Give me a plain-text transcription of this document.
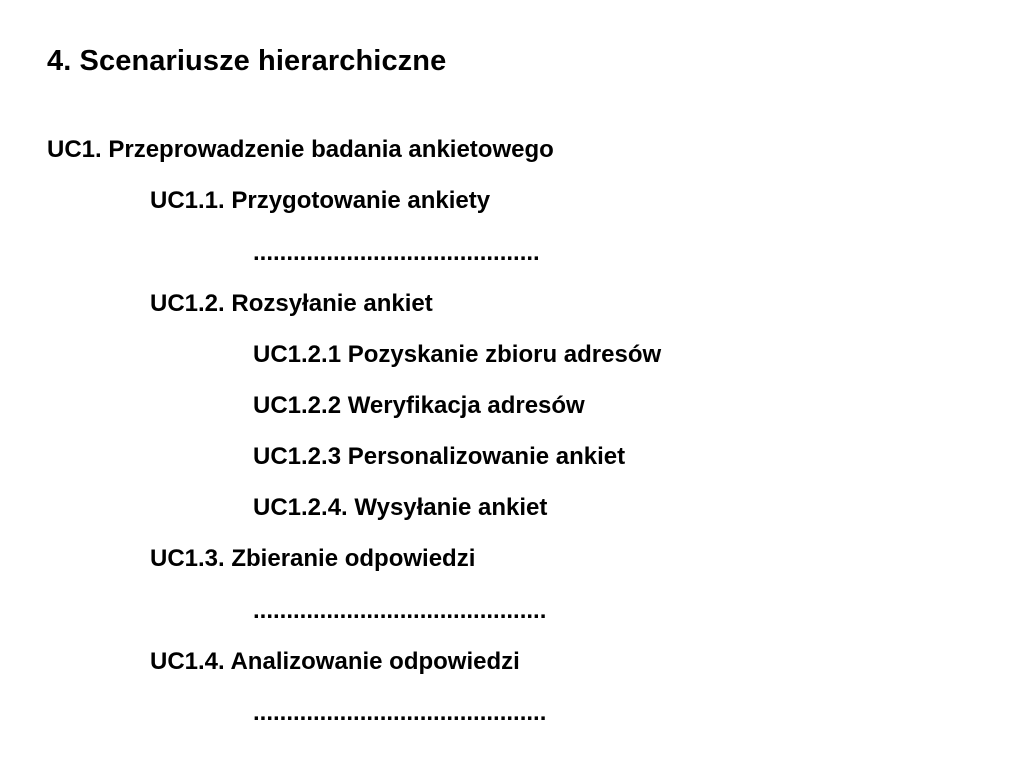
4. Scenariusze hierarchiczne
UC1. Przeprowadzenie badania ankietowego
UC1.1. Przygotowanie ankiety
...........................................
UC1.2. Rozsyłanie ankiet
UC1.2.1 Pozyskanie zbioru adresów
UC1.2.2 Weryfikacja adresów
UC1.2.3 Personalizowanie ankiet
UC1.2.4. Wysyłanie ankiet
UC1.3. Zbieranie odpowiedzi
............................................
UC1.4. Analizowanie odpowiedzi
............................................
